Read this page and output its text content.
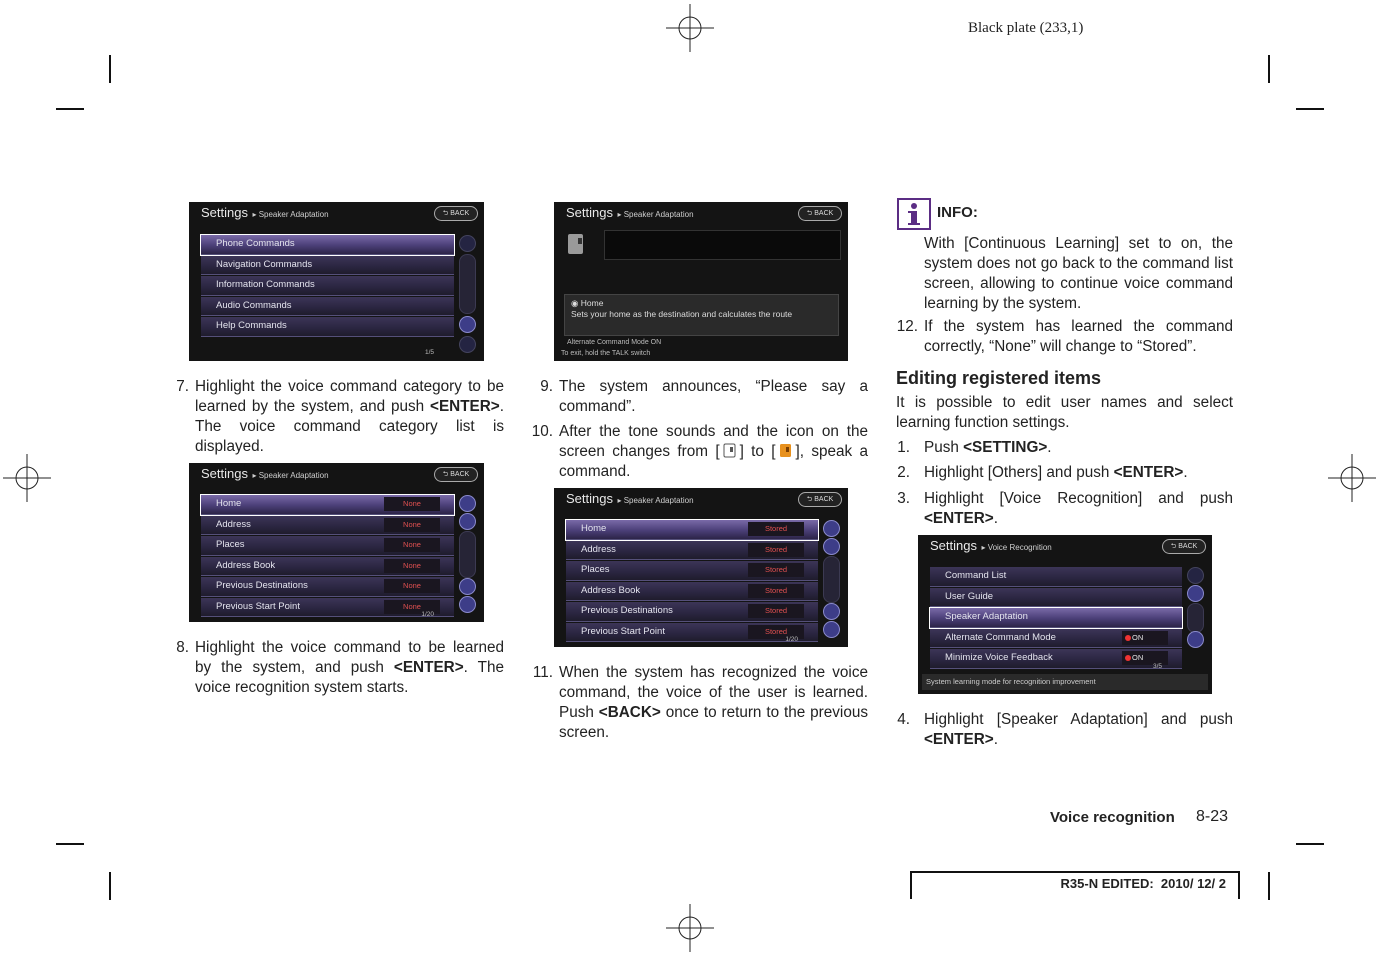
Black plate (233,1)
Settings ▸ Speaker Adaptation	⮌ BACK
Phone Commands
Navigation Commands
Information Commands
Audio Commands
Help Commands
1/5
Settings ▸ Speaker Adaptation	⮌ BACK
◉ Home
Sets your home as the destination and calculates the route
Alternate Command Mode ON
To exit, hold the TALK switch
Settings ▸ Speaker Adaptation	⮌ BACK
Home	None
Address	None
Places	None
Address Book	None
Previous Destinations	None
Previous Start Point	None
1/20
Settings ▸ Speaker Adaptation	⮌ BACK
Home	Stored
Address	Stored
Places	Stored
Address Book	Stored
Previous Destinations	Stored
Previous Start Point	Stored
1/20
Settings ▸ Voice Recognition	⮌ BACK
Command List
User Guide
Speaker Adaptation
Alternate Command Mode	ON
Minimize Voice Feedback	ON
3/5
System learning mode for recognition improvement
7. Highlight the voice command category to be learned by the system, and push <ENTER>. The voice command category list is displayed.
8. Highlight the voice command to be learned by the system, and push <ENTER>. The voice recognition system starts.
9. The system announces, “Please say a command”.
10. After the tone sounds and the icon on the screen changes from [ ] to [ ], speak a command.
11. When the system has recognized the voice command, the voice of the user is learned. Push <BACK> once to return to the previous screen.
INFO:
With [Continuous Learning] set to on, the system does not go back to the command list screen, allowing to continue voice command learning by the system.
12. If the system has learned the command correctly, “None” will change to “Stored”.
Editing registered items
It is possible to edit user names and select learning function settings.
1. Push <SETTING>.
2. Highlight [Others] and push <ENTER>.
3. Highlight [Voice Recognition] and push <ENTER>.
4. Highlight [Speaker Adaptation] and push <ENTER>.
Voice recognition 8-23
R35-N EDITED:  2010/ 12/ 2
